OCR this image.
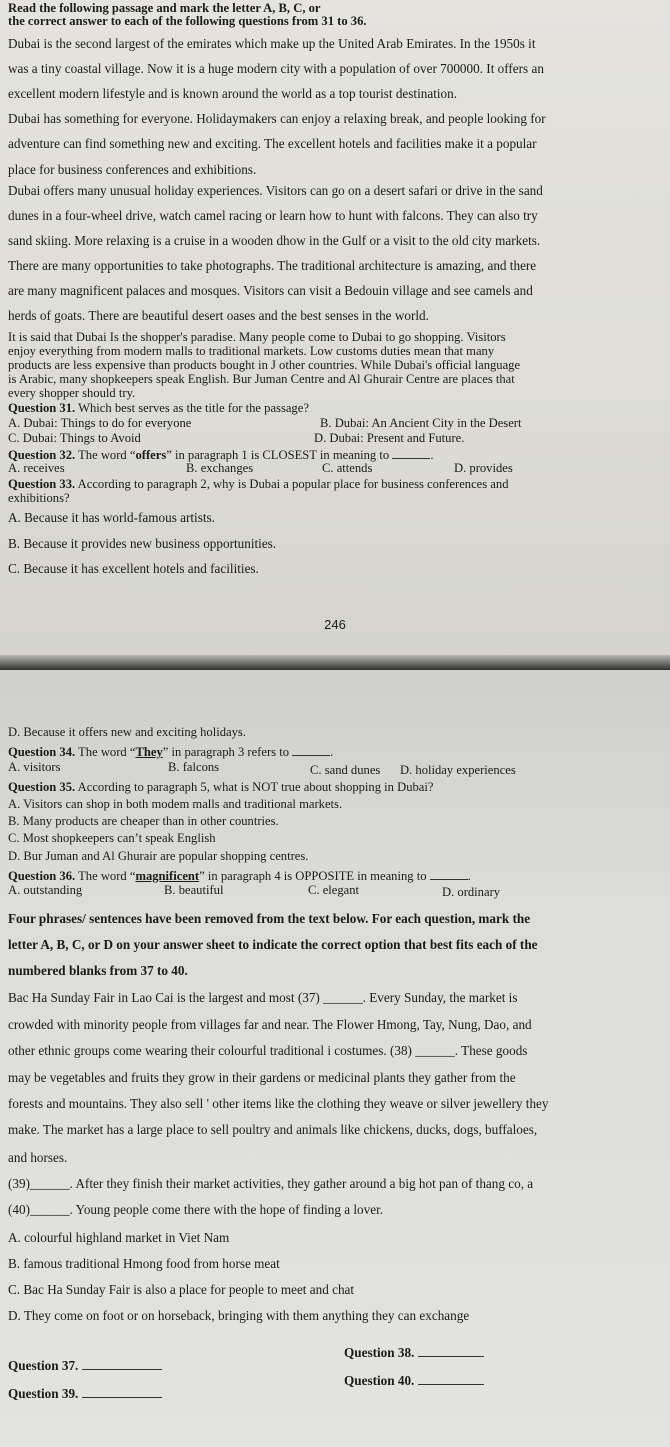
Read the following passage and mark the letter A, B, C, or
the correct answer to each of the following questions from 31 to 36.
Dubai is the second largest of the emirates which make up the United Arab Emirates. In the 1950s it
was a tiny coastal village. Now it is a huge modern city with a population of over 700000. It offers an
excellent modern lifestyle and is known around the world as a top tourist destination.
Dubai has something for everyone. Holidaymakers can enjoy a relaxing break, and people looking for
adventure can find something new and exciting. The excellent hotels and facilities make it a popular
place for business conferences and exhibitions.
Dubai offers many unusual holiday experiences. Visitors can go on a desert safari or drive in the sand
dunes in a four-wheel drive, watch camel racing or learn how to hunt with falcons. They can also try
sand skiing. More relaxing is a cruise in a wooden dhow in the Gulf or a visit to the old city markets.
There are many opportunities to take photographs. The traditional architecture is amazing, and there
are many magnificent palaces and mosques. Visitors can visit a Bedouin village and see camels and
herds of goats. There are beautiful desert oases and the best senses in the world.
It is said that Dubai Is the shopper's paradise. Many people come to Dubai to go shopping. Visitors
enjoy everything from modern malls to traditional markets. Low customs duties mean that many
products are less expensive than products bought in J other countries. While Dubai's official language
is Arabic, many shopkeepers speak English. Bur Juman Centre and Al Ghurair Centre are places that
every shopper should try.
Question 31. Which best serves as the title for the passage?
A. Dubai: Things to do for everyone	B. Dubai: An Ancient City in the Desert
C. Dubai: Things to Avoid	D. Dubai: Present and Future.
Question 32. The word “offers” in paragraph 1 is CLOSEST in meaning to	.
A. receives	B. exchanges	C. attends	D. provides
Question 33. According to paragraph 2, why is Dubai a popular place for business conferences and
exhibitions?
A. Because it has world-famous artists.
B. Because it provides new business opportunities.
C. Because it has excellent hotels and facilities.
246
D. Because it offers new and exciting holidays.
Question 34. The word “They” in paragraph 3 refers to	.
A. visitors	B. falcons	C. sand dunes D. holiday experiences
Question 35. According to paragraph 5, what is NOT true about shopping in Dubai?
A. Visitors can shop in both modem malls and traditional markets.
B. Many products are cheaper than in other countries.
C. Most shopkeepers can’t speak English
D. Bur Juman and Al Ghurair are popular shopping centres.
Question 36. The word “magnificent” in paragraph 4 is OPPOSITE in meaning to	.
A. outstanding	B. beautiful	C. elegant	D. ordinary
Four phrases/ sentences have been removed from the text below. For each question, mark the
letter A, B, C, or D on your answer sheet to indicate the correct option that best fits each of the
numbered blanks from 37 to 40.
Bac Ha Sunday Fair in Lao Cai is the largest and most (37) ______. Every Sunday, the market is
crowded with minority people from villages far and near. The Flower Hmong, Tay, Nung, Dao, and
other ethnic groups come wearing their colourful traditional i costumes. (38) ______. These goods
may be vegetables and fruits they grow in their gardens or medicinal plants they gather from the
forests and mountains. They also sell ' other items like the clothing they weave or silver jewellery they
make. The market has a large place to sell poultry and animals like chickens, ducks, dogs, buffaloes,
and horses.
(39)______. After they finish their market activities, they gather around a big hot pan of thang co, a
(40)______. Young people come there with the hope of finding a lover.
A. colourful highland market in Viet Nam
B. famous traditional Hmong food from horse meat
C. Bac Ha Sunday Fair is also a place for people to meet and chat
D. They come on foot or on horseback, bringing with them anything they can exchange
Question 37.
Question 38.
Question 39.
Question 40.
